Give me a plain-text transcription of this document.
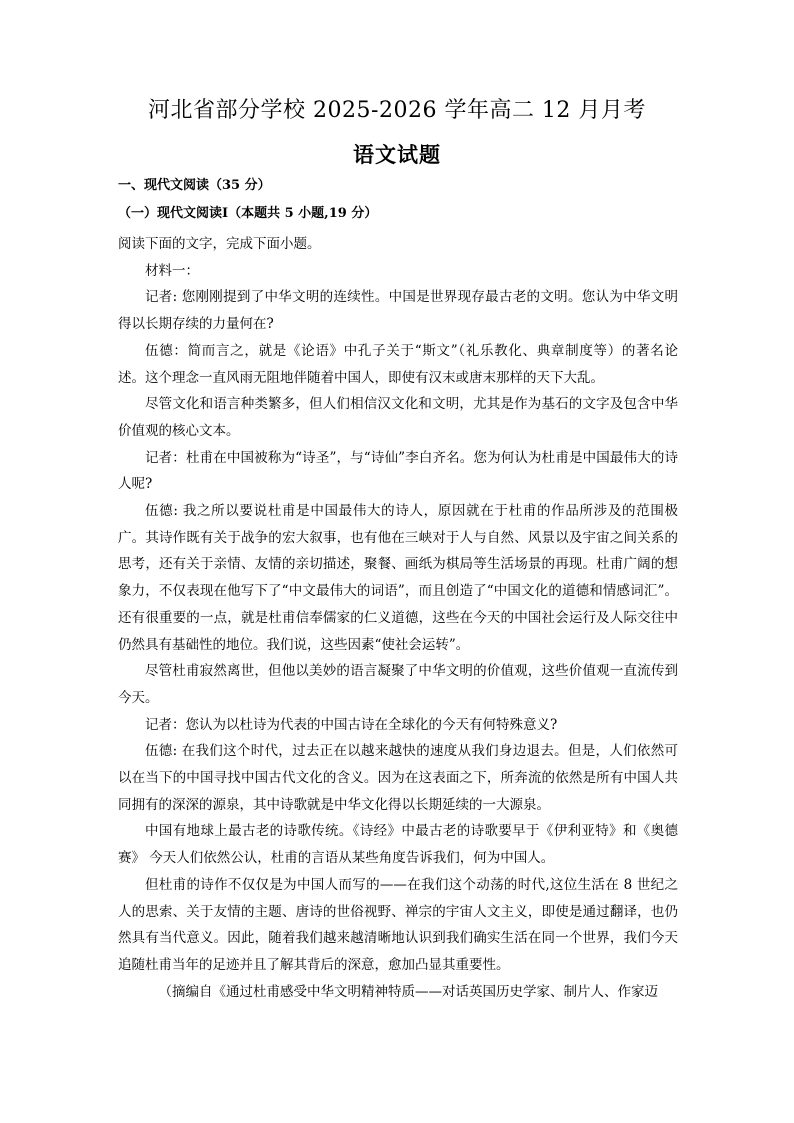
河北省部分学校 2025-2026 学年高二 12 月月考
语文试题
一、现代文阅读（35 分）
（一）现代文阅读Ⅰ（本题共 5 小题,19 分）

阅读下面的文字，完成下面小题。

材料一：

记者: 您刚刚提到了中华文明的连续性。中国是世界现存最古老的文明。您认为中华文明得以长期存续的力量何在?

伍德：简而言之，就是《论语》中孔子关于“斯文”（礼乐教化、典章制度等）的著名论述。这个理念一直风雨无阻地伴随着中国人，即使有汉末或唐末那样的天下大乱。

尽管文化和语言种类繁多，但人们相信汉文化和文明，尤其是作为基石的文字及包含中华价值观的核心文本。

记者：杜甫在中国被称为“诗圣”，与“诗仙”李白齐名。您为何认为杜甫是中国最伟大的诗人呢?

伍德: 我之所以要说杜甫是中国最伟大的诗人，原因就在于杜甫的作品所涉及的范围极广。其诗作既有关于战争的宏大叙事，也有他在三峡对于人与自然、风景以及宇宙之间关系的思考，还有关于亲情、友情的亲切描述，聚餐、画纸为棋局等生活场景的再现。杜甫广阔的想象力，不仅表现在他写下了“中文最伟大的词语”，而且创造了“中国文化的道德和情感词汇”。还有很重要的一点，就是杜甫信奉儒家的仁义道德，这些在今天的中国社会运行及人际交往中仍然具有基础性的地位。我们说，这些因素“使社会运转”。

尽管杜甫寂然离世，但他以美妙的语言凝聚了中华文明的价值观，这些价值观一直流传到今天。

记者：您认为以杜诗为代表的中国古诗在全球化的今天有何特殊意义?

伍德: 在我们这个时代，过去正在以越来越快的速度从我们身边退去。但是，人们依然可以在当下的中国寻找中国古代文化的含义。因为在这表面之下，所奔流的依然是所有中国人共同拥有的深深的源泉，其中诗歌就是中华文化得以长期延续的一大源泉。

中国有地球上最古老的诗歌传统。《诗经》中最古老的诗歌要早于《伊利亚特》和《奥德赛》 今天人们依然公认，杜甫的言语从某些角度告诉我们，何为中国人。

但杜甫的诗作不仅仅是为中国人而写的——在我们这个动荡的时代,这位生活在 8 世纪之人的思索、关于友情的主题、唐诗的世俗视野、禅宗的宇宙人文主义，即使是通过翻译，也仍然具有当代意义。因此，随着我们越来越清晰地认识到我们确实生活在同一个世界，我们今天追随杜甫当年的足迹并且了解其背后的深意，愈加凸显其重要性。

（摘编自《通过杜甫感受中华文明精神特质——对话英国历史学家、制片人、作家迈
